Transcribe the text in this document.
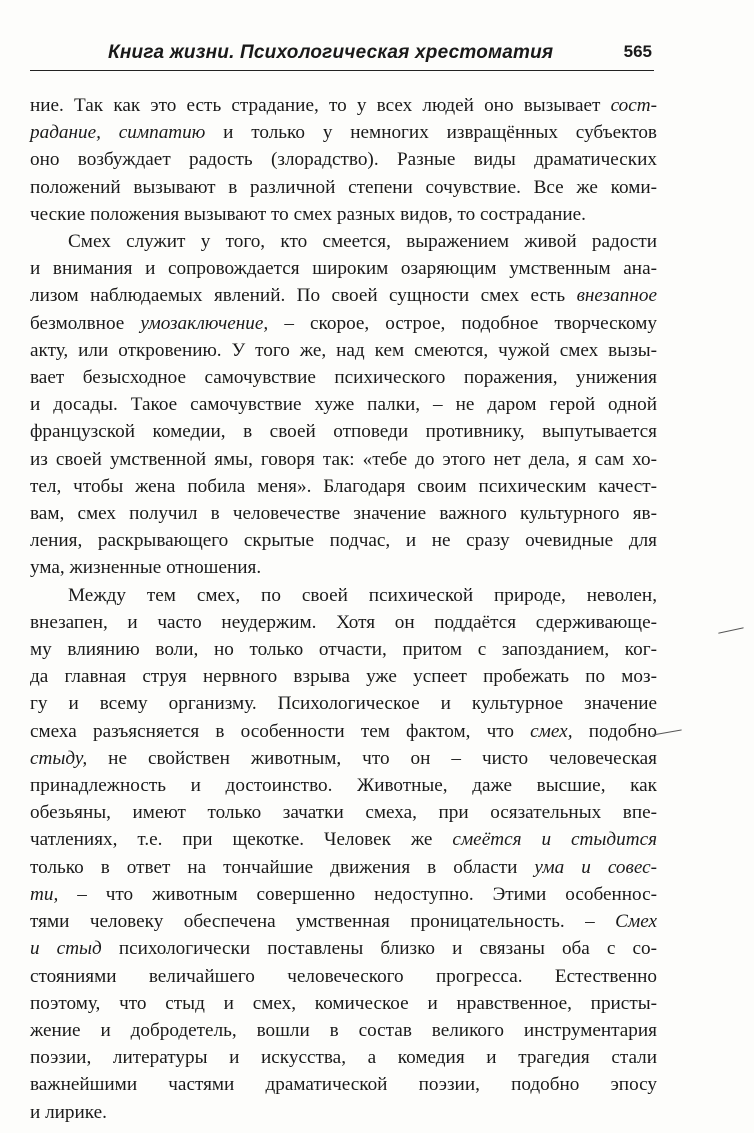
Книга жизни. Психологическая хрестоматия	565

ние. Так как это есть страдание, то у всех людей оно вызывает сост-
радание, симпатию и только у немногих извращённых субъектов
оно возбуждает радость (злорадство). Разные виды драматических
положений вызывают в различной степени сочувствие. Все же коми-
ческие положения вызывают то смех разных видов, то сострадание.

Смех служит у того, кто смеется, выражением живой радости
и внимания и сопровождается широким озаряющим умственным ана-
лизом наблюдаемых явлений. По своей сущности смех есть внезапное
безмолвное умозаключение, – скорое, острое, подобное творческому
акту, или откровению. У того же, над кем смеются, чужой смех вызы-
вает безысходное самочувствие психического поражения, унижения
и досады. Такое самочувствие хуже палки, – не даром герой одной
французской комедии, в своей отповеди противнику, выпутывается
из своей умственной ямы, говоря так: «тебе до этого нет дела, я сам хо-
тел, чтобы жена побила меня». Благодаря своим психическим качест-
вам, смех получил в человечестве значение важного культурного яв-
ления, раскрывающего скрытые подчас, и не сразу очевидные для
ума, жизненные отношения.

Между тем смех, по своей психической природе, неволен,
внезапен, и часто неудержим. Хотя он поддаётся сдерживающе-
му влиянию воли, но только отчасти, притом с запозданием, ког-
да главная струя нервного взрыва уже успеет пробежать по моз-
гу и всему организму. Психологическое и культурное значение
смеха разъясняется в особенности тем фактом, что смех, подобно
стыду, не свойствен животным, что он – чисто человеческая
принадлежность и достоинство. Животные, даже высшие, как
обезьяны, имеют только зачатки смеха, при осязательных впе-
чатлениях, т.е. при щекотке. Человек же смеётся и стыдится
только в ответ на тончайшие движения в области ума и совес-
ти, – что животным совершенно недоступно. Этими особеннос-
тями человеку обеспечена умственная проницательность. – Смех
и стыд психологически поставлены близко и связаны оба с со-
стояниями величайшего человеческого прогресса. Естественно
поэтому, что стыд и смех, комическое и нравственное, присты-
жение и добродетель, вошли в состав великого инструментария
поэзии, литературы и искусства, а комедия и трагедия стали
важнейшими частями драматической поэзии, подобно эпосу
и лирике.
